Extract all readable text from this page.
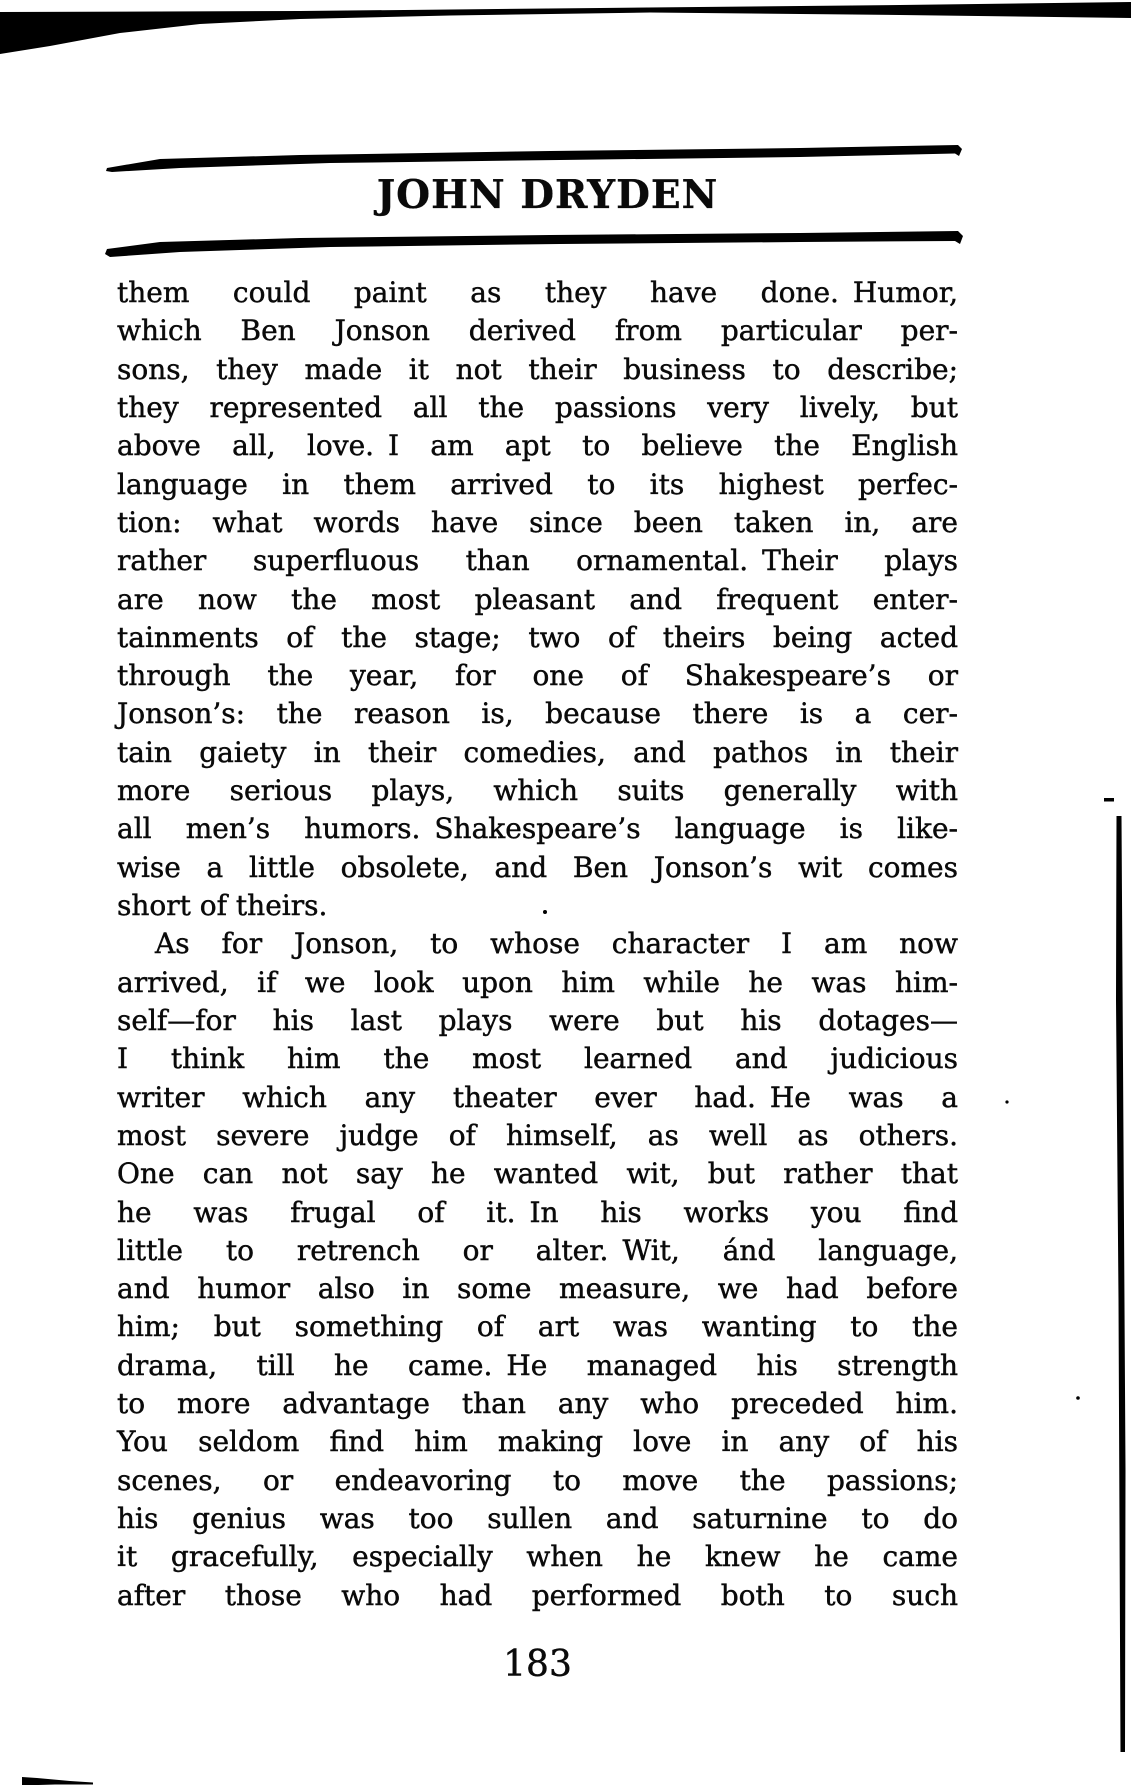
JOHN DRYDEN
them could paint as they have done. Humor,
which Ben Jonson derived from particular per-
sons, they made it not their business to describe;
they represented all the passions very lively, but
above all, love. I am apt to believe the English
language in them arrived to its highest perfec-
tion: what words have since been taken in, are
rather superfluous than ornamental. Their plays
are now the most pleasant and frequent enter-
tainments of the stage; two of theirs being acted
through the year, for one of Shakespeare’s or
Jonson’s: the reason is, because there is a cer-
tain gaiety in their comedies, and pathos in their
more serious plays, which suits generally with
all men’s humors. Shakespeare’s language is like-
wise a little obsolete, and Ben Jonson’s wit comes
short of theirs.
As for Jonson, to whose character I am now
arrived, if we look upon him while he was him-
self—for his last plays were but his dotages—
I think him the most learned and judicious
writer which any theater ever had. He was a
most severe judge of himself, as well as others.
One can not say he wanted wit, but rather that
he was frugal of it. In his works you find
little to retrench or alter. Wit, ánd language,
and humor also in some measure, we had before
him; but something of art was wanting to the
drama, till he came. He managed his strength
to more advantage than any who preceded him.
You seldom find him making love in any of his
scenes, or endeavoring to move the passions;
his genius was too sullen and saturnine to do
it gracefully, especially when he knew he came
after those who had performed both to such
183
